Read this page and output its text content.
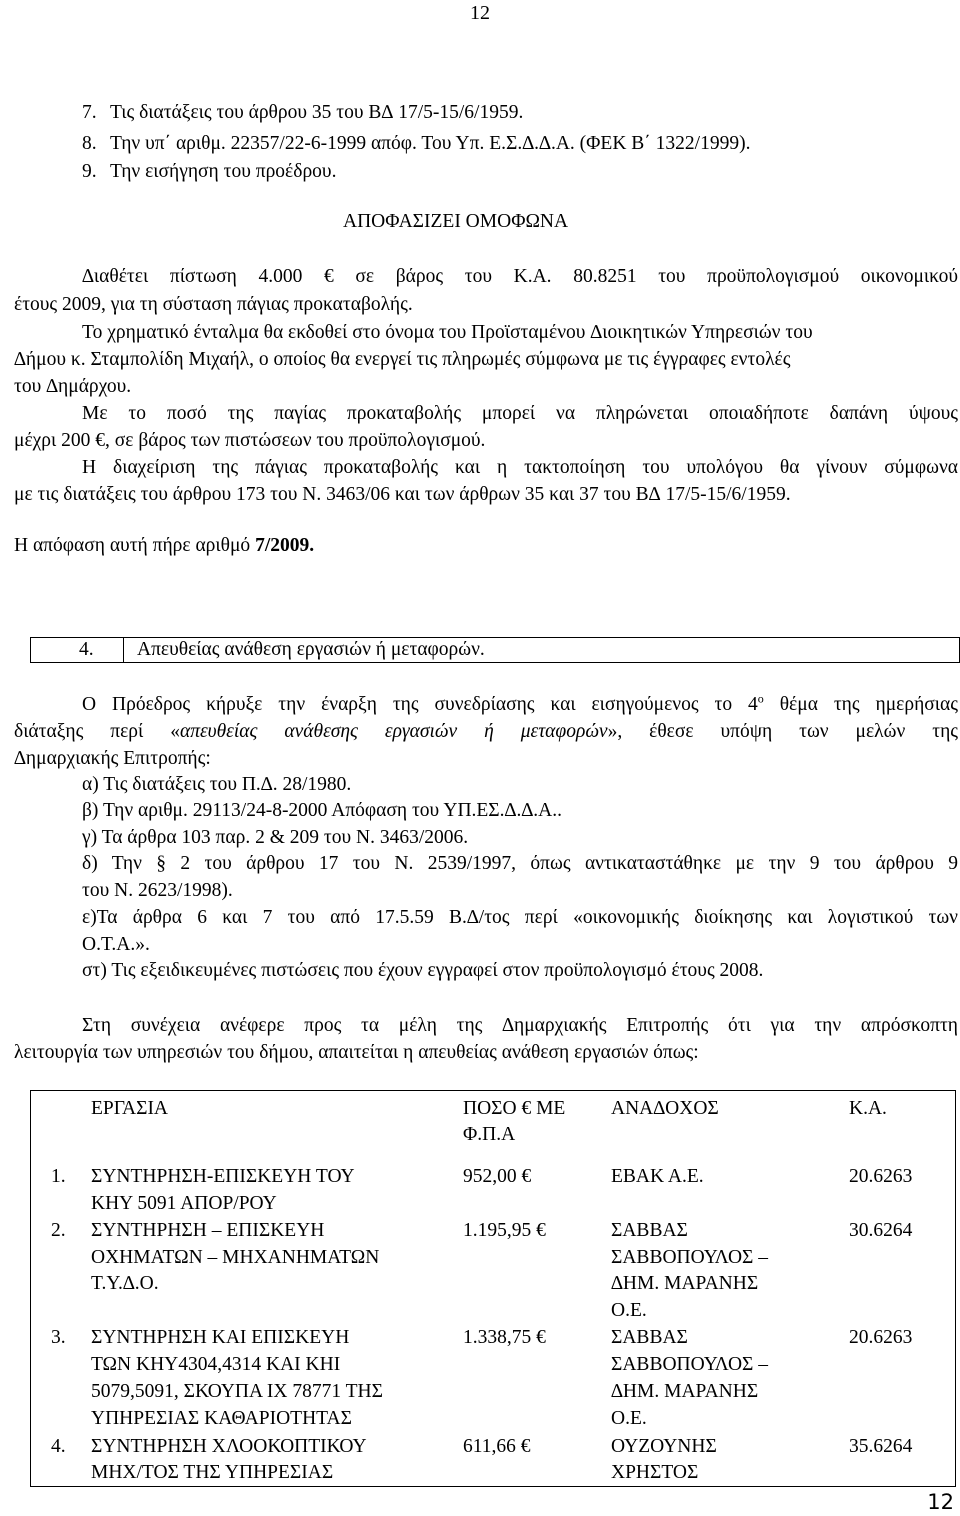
12
7. Τις διατάξεις του άρθρου 35 του Β∆ 17/5-15/6/1959.
8. Την υπ΄ αριθμ. 22357/22-6-1999 απόφ. Του Υπ. Ε.Σ.∆.∆.Α. (ΦΕΚ Β΄ 1322/1999).
9. Την εισήγηση του προέδρου.
ΑΠΟΦΑΣΙΖΕΙ ΟΜΟΦΩΝΑ
∆ιαθέτει πίστωση 4.000 € σε βάρος του Κ.Α. 80.8251 του προϋπολογισμού οικονομικού
έτους 2009, για τη σύσταση πάγιας προκαταβολής.
Το χρηματικό ένταλμα θα εκδοθεί στο όνομα του Προϊσταμένου ∆ιοικητικών Υπηρεσιών του
∆ήμου κ. Σταμπολίδη Μιχαήλ, ο οποίος θα ενεργεί τις πληρωμές σύμφωνα με τις έγγραφες εντολές
του ∆ημάρχου.
Με το ποσό της παγίας προκαταβολής μπορεί να πληρώνεται οποιαδήποτε δαπάνη ύψους
μέχρι 200 €, σε βάρος των πιστώσεων του προϋπολογισμού.
Η διαχείριση της πάγιας προκαταβολής και η τακτοποίηση του υπολόγου θα γίνουν σύμφωνα
με τις διατάξεις του άρθρου 173 του Ν. 3463/06 και των άρθρων 35 και 37 του Β∆ 17/5-15/6/1959.
Η απόφαση αυτή πήρε αριθμό 7/2009.
4. Απευθείας ανάθεση εργασιών ή μεταφορών.
Ο Πρόεδρος κήρυξε την έναρξη της συνεδρίασης και εισηγούμενος το $4^o$ θέμα της ημερήσιας
διάταξης περί «απευθείας ανάθεσης εργασιών ή μεταφορών», έθεσε υπόψη των μελών της
∆ημαρχιακής Επιτροπής:
α) Τις διατάξεις του Π.∆. 28/1980.
β) Την αριθμ. 29113/24-8-2000 Απόφαση του ΥΠ.ΕΣ.∆.∆.Α..
γ) Τα άρθρα 103 παρ. 2 & 209 του Ν. 3463/2006.
δ) Την § 2 του άρθρου 17 του Ν. 2539/1997, όπως αντικαταστάθηκε με την 9 του άρθρου 9
του Ν. 2623/1998).
ε)Τα άρθρα 6 και 7 του από 17.5.59 Β.∆/τος περί «οικονομικής διοίκησης και λογιστικού των
Ο.Τ.Α.».
στ) Τις εξειδικευμένες πιστώσεις που έχουν εγγραφεί στον προϋπολογισμό έτους 2008.
Στη συνέχεια ανέφερε προς τα μέλη της ∆ημαρχιακής Επιτροπής ότι για την απρόσκοπτη
λειτουργία των υπηρεσιών του δήμου, απαιτείται η απευθείας ανάθεση εργασιών όπως:
ΕΡΓΑΣΙΑ	ΠΟΣΟ € ΜΕ
Φ.Π.Α
ΑΝΑ∆ΟΧΟΣ	Κ.Α.
1. ΣΥΝΤΗΡΗΣΗ-ΕΠΙΣΚΕΥΗ ΤΟΥ
ΚΗΥ 5091 ΑΠΟΡ/ΡΟΥ
952,00 €	ΕΒΑΚ Α.Ε.	20.6263
2. ΣΥΝΤΗΡΗΣΗ – ΕΠΙΣΚΕΥΗ
ΟΧΗΜΑΤΩΝ – ΜΗΧΑΝΗΜΑΤΩΝ
Τ.Υ.∆.Ο.
1.195,95 €	ΣΑΒΒΑΣ
ΣΑΒΒΟΠΟΥΛΟΣ –
∆ΗΜ. ΜΑΡΑΝΗΣ
Ο.Ε.
30.6264
3. ΣΥΝΤΗΡΗΣΗ ΚΑΙ ΕΠΙΣΚΕΥΗ
ΤΩΝ ΚΗΥ4304,4314 ΚΑΙ ΚΗΙ
5079,5091, ΣΚΟΥΠΑ ΙΧ 78771 ΤΗΣ
ΥΠΗΡΕΣΙΑΣ ΚΑΘΑΡΙΟΤΗΤΑΣ
1.338,75 €	ΣΑΒΒΑΣ
ΣΑΒΒΟΠΟΥΛΟΣ –
∆ΗΜ. ΜΑΡΑΝΗΣ
Ο.Ε.
20.6263
4. ΣΥΝΤΗΡΗΣΗ ΧΛΟΟΚΟΠΤΙΚΟΥ
ΜΗΧ/ΤΟΣ ΤΗΣ ΥΠΗΡΕΣΙΑΣ
611,66 €	ΟΥΖΟΥΝΗΣ
ΧΡΗΣΤΟΣ
35.6264
12
